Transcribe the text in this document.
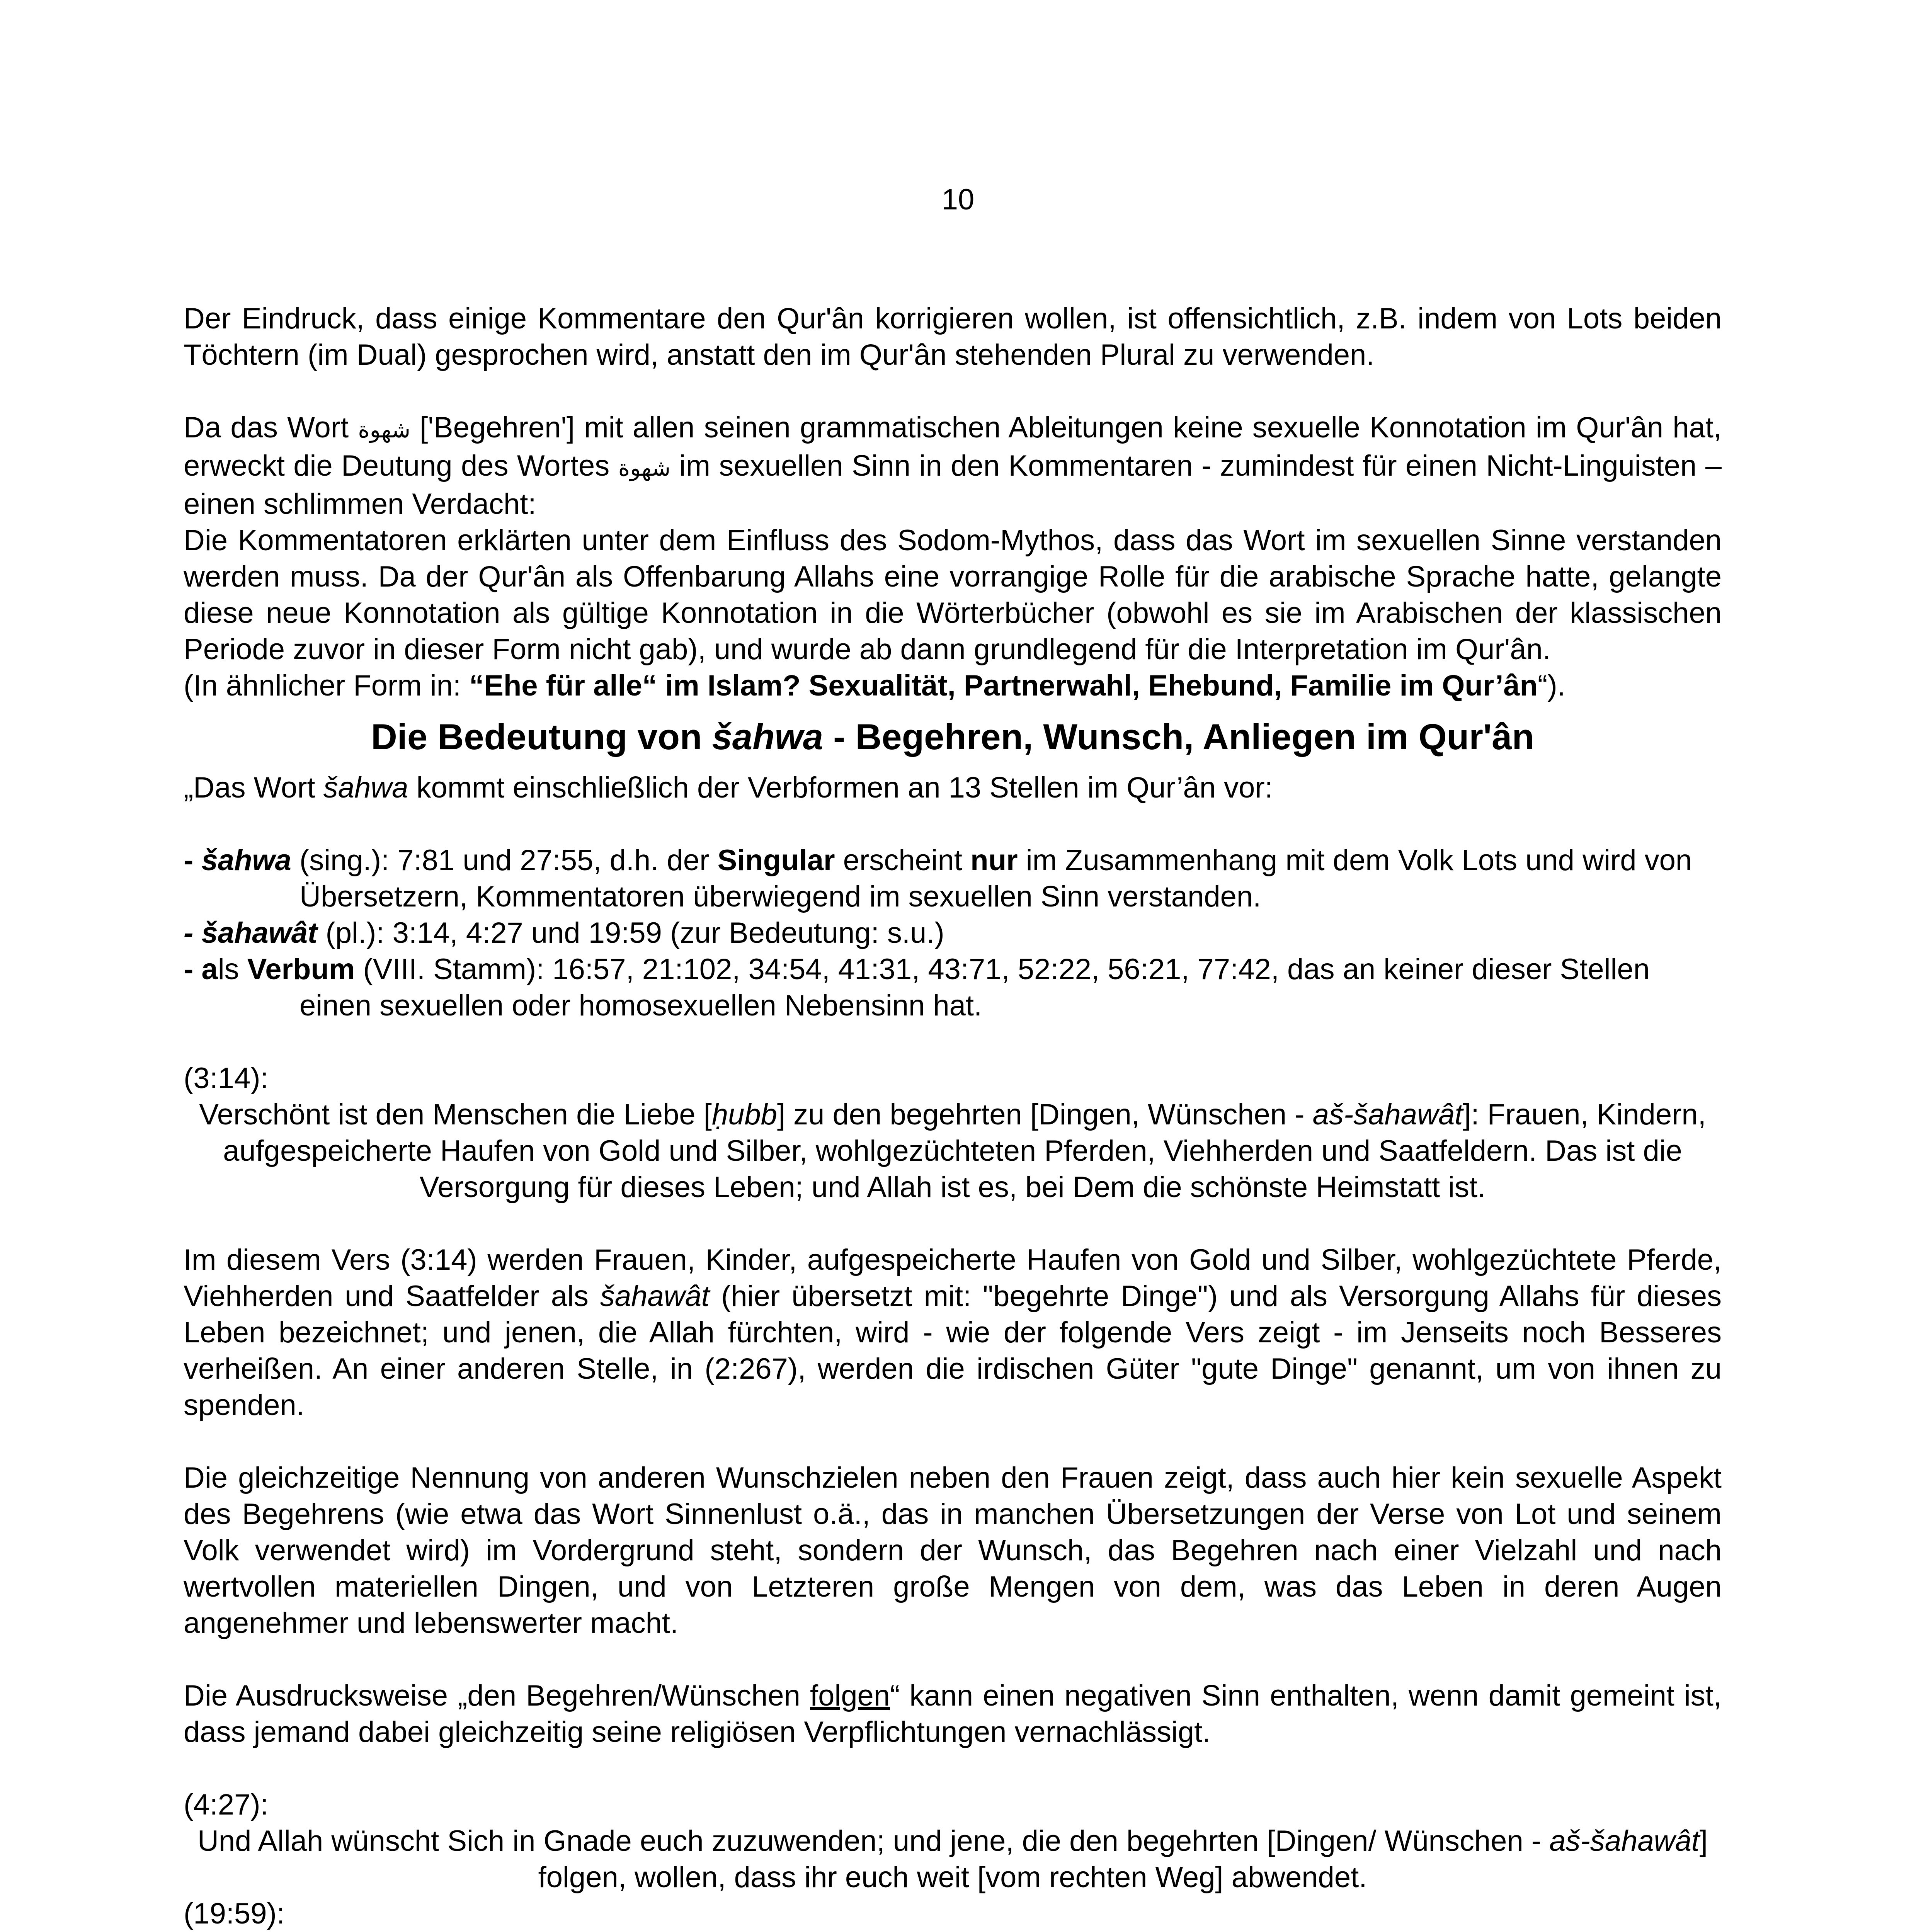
10

Der Eindruck, dass einige Kommentare den Qur'ân korrigieren wollen, ist offensichtlich, z.B. indem von Lots beiden Töchtern (im Dual) gesprochen wird, anstatt den im Qur'ân stehenden Plural zu verwenden.

Da das Wort شهوة ['Begehren'] mit allen seinen grammatischen Ableitungen keine sexuelle Konnotation im Qur'ân hat, erweckt die Deutung des Wortes شهوة im sexuellen Sinn in den Kommentaren - zumindest für einen Nicht-Linguisten – einen schlimmen Verdacht:

Die Kommentatoren erklärten unter dem Einfluss des Sodom-Mythos, dass das Wort im sexuellen Sinne verstanden werden muss. Da der Qur'ân als Offenbarung Allahs eine vorrangige Rolle für die arabische Sprache hatte, gelangte diese neue Konnotation als gültige Konnotation in die Wörterbücher (obwohl es sie im Arabischen der klassischen Periode zuvor in dieser Form nicht gab), und wurde ab dann grundlegend für die Interpretation im Qur'ân.

(In ähnlicher Form in: “Ehe für alle“ im Islam? Sexualität, Partnerwahl, Ehebund, Familie im Qur’ân“).

Die Bedeutung von šahwa - Begehren, Wunsch, Anliegen im Qur'ân

„Das Wort šahwa kommt einschließlich der Verbformen an 13 Stellen im Qur’ân vor:

- šahwa (sing.): 7:81 und 27:55, d.h. der Singular erscheint nur im Zusammenhang mit dem Volk Lots und wird von Übersetzern, Kommentatoren überwiegend im sexuellen Sinn verstanden.

- šahawât (pl.): 3:14, 4:27 und 19:59 (zur Bedeutung: s.u.)

- als Verbum (VIII. Stamm): 16:57, 21:102, 34:54, 41:31, 43:71, 52:22, 56:21, 77:42, das an keiner dieser Stellen einen sexuellen oder homosexuellen Nebensinn hat.

(3:14):

Verschönt ist den Menschen die Liebe [ḥubb] zu den begehrten [Dingen, Wünschen - aš-šahawât]: Frauen, Kindern, aufgespeicherte Haufen von Gold und Silber, wohlgezüchteten Pferden, Viehherden und Saatfeldern. Das ist die Versorgung für dieses Leben; und Allah ist es, bei Dem die schönste Heimstatt ist.

Im diesem Vers (3:14) werden Frauen, Kinder, aufgespeicherte Haufen von Gold und Silber, wohlgezüchtete Pferde, Viehherden und Saatfelder als šahawât (hier übersetzt mit: "begehrte Dinge") und als Versorgung Allahs für dieses Leben bezeichnet; und jenen, die Allah fürchten, wird - wie der folgende Vers zeigt - im Jenseits noch Besseres verheißen. An einer anderen Stelle, in (2:267), werden die irdischen Güter "gute Dinge" genannt, um von ihnen zu spenden.

Die gleichzeitige Nennung von anderen Wunschzielen neben den Frauen zeigt, dass auch hier kein sexuelle Aspekt des Begehrens (wie etwa das Wort Sinnenlust o.ä., das in manchen Übersetzungen der Verse von Lot und seinem Volk verwendet wird) im Vordergrund steht, sondern der Wunsch, das Begehren nach einer Vielzahl und nach wertvollen materiellen Dingen, und von Letzteren große Mengen von dem, was das Leben in deren Augen angenehmer und lebenswerter macht.

Die Ausdrucksweise „den Begehren/Wünschen folgen“ kann einen negativen Sinn enthalten, wenn damit gemeint ist, dass jemand dabei gleichzeitig seine religiösen Verpflichtungen vernachlässigt.

(4:27):

Und Allah wünscht Sich in Gnade euch zuzuwenden; und jene, die den begehrten [Dingen/ Wünschen - aš-šahawât] folgen, wollen, dass ihr euch weit [vom rechten Weg] abwendet.

(19:59):
